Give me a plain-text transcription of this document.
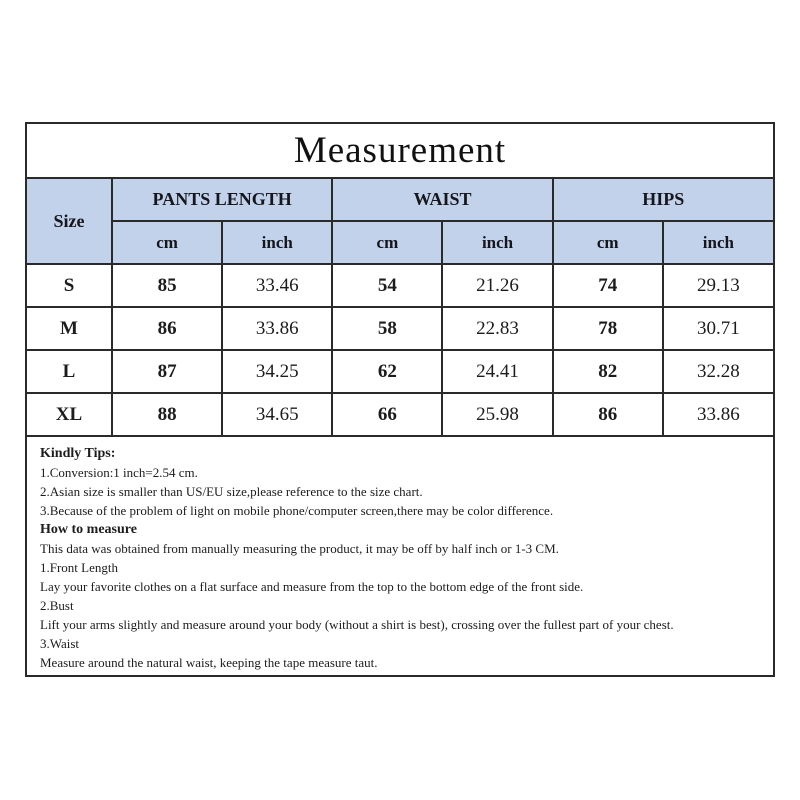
Measurement
Size	PANTS LENGTH		WAIST		HIPS	
	cm	inch	cm	inch	cm	inch
S	85	33.46	54	21.26	74	29.13
M	86	33.86	58	22.83	78	30.71
L	87	34.25	62	24.41	82	32.28
XL	88	34.65	66	25.98	86	33.86
Kindly Tips:
1.Conversion:1 inch=2.54 cm.
2.Asian size is smaller than US/EU size,please reference to the size chart.
3.Because of the problem of light on mobile phone/computer screen,there may be color difference.
How to measure
This data was obtained from manually measuring the product, it may be off by half inch or 1-3 CM.
1.Front Length
Lay your favorite clothes on a flat surface and measure from the top to the bottom edge of the front side.
2.Bust
Lift your arms slightly and measure around your body (without a shirt is best), crossing over the fullest part of your chest.
3.Waist
Measure around the natural waist, keeping the tape measure taut.
